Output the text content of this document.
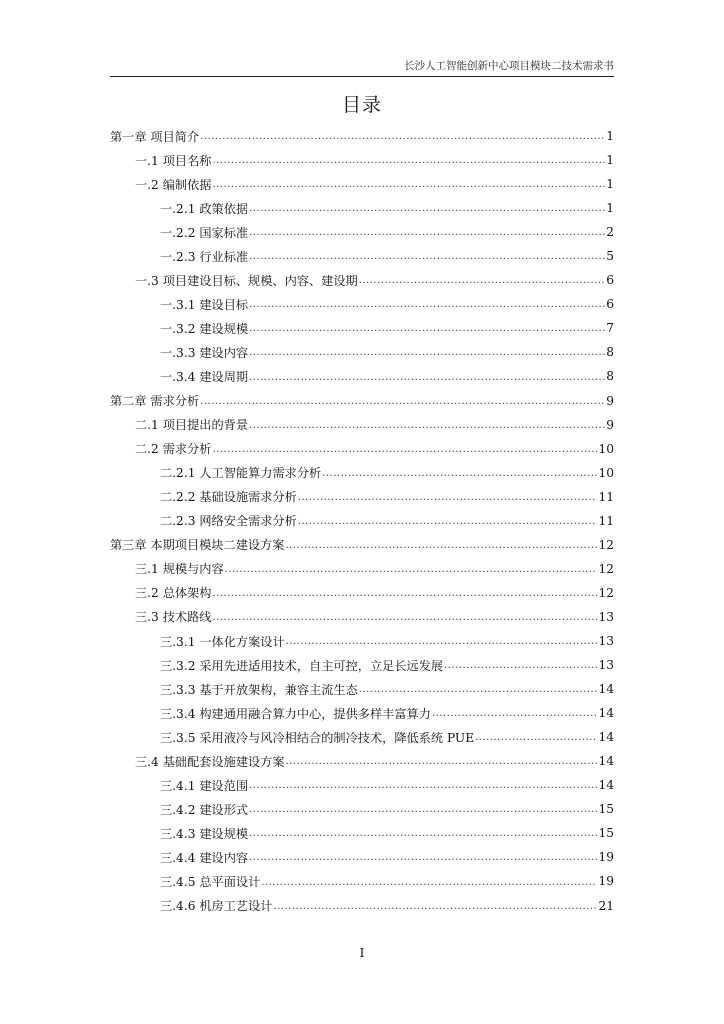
长沙人工智能创新中心项目模块二技术需求书
目录
第一章 项目简介 .....	1
一.1 项目名称 .....	1
一.2 编制依据 .....	1
一.2.1 政策依据 .....	1
一.2.2 国家标准 .....	2
一.2.3 行业标准 .....	5
一.3 项目建设目标、规模、内容、建设期 .....	6
一.3.1 建设目标 .....	6
一.3.2 建设规模 .....	7
一.3.3 建设内容 .....	8
一.3.4 建设周期 .....	8
第二章 需求分析 .....	9
二.1 项目提出的背景 .....	9
二.2 需求分析 .....	10
二.2.1 人工智能算力需求分析 .....	10
二.2.2 基础设施需求分析 .....	11
二.2.3 网络安全需求分析 .....	11
第三章 本期项目模块二建设方案 .....	12
三.1 规模与内容 .....	12
三.2 总体架构 .....	12
三.3 技术路线 .....	13
三.3.1 一体化方案设计 .....	13
三.3.2 采用先进适用技术，自主可控，立足长远发展 .....	13
三.3.3 基于开放架构，兼容主流生态 .....	14
三.3.4 构建通用融合算力中心，提供多样丰富算力 .....	14
三.3.5 采用液冷与风冷相结合的制冷技术，降低系统 PUE .....	14
三.4 基础配套设施建设方案 .....	14
三.4.1 建设范围 .....	14
三.4.2 建设形式 .....	15
三.4.3 建设规模 .....	15
三.4.4 建设内容 .....	19
三.4.5 总平面设计 .....	19
三.4.6 机房工艺设计 .....	21
I
